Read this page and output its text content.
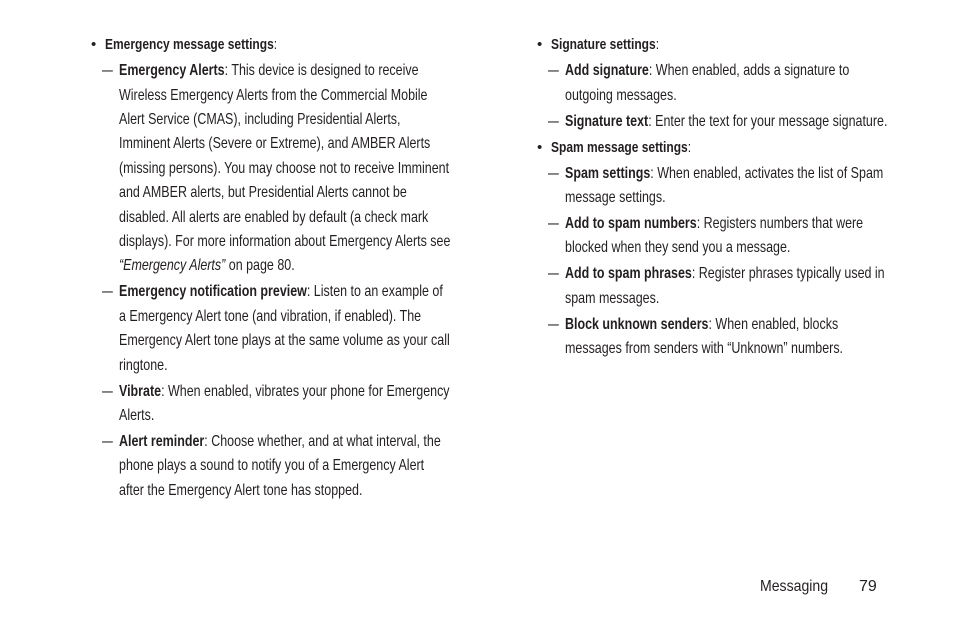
• Emergency message settings:
– Emergency Alerts: This device is designed to receive Wireless Emergency Alerts from the Commercial Mobile Alert Service (CMAS), including Presidential Alerts, Imminent Alerts (Severe or Extreme), and AMBER Alerts (missing persons). You may choose not to receive Imminent and AMBER alerts, but Presidential Alerts cannot be disabled. All alerts are enabled by default (a check mark displays). For more information about Emergency Alerts see “Emergency Alerts” on page 80.
– Emergency notification preview: Listen to an example of a Emergency Alert tone (and vibration, if enabled). The Emergency Alert tone plays at the same volume as your call ringtone.
– Vibrate: When enabled, vibrates your phone for Emergency Alerts.
– Alert reminder: Choose whether, and at what interval, the phone plays a sound to notify you of a Emergency Alert after the Emergency Alert tone has stopped.
• Signature settings:
– Add signature: When enabled, adds a signature to outgoing messages.
– Signature text: Enter the text for your message signature.
• Spam message settings:
– Spam settings: When enabled, activates the list of Spam message settings.
– Add to spam numbers: Registers numbers that were blocked when they send you a message.
– Add to spam phrases: Register phrases typically used in spam messages.
– Block unknown senders: When enabled, blocks messages from senders with “Unknown” numbers.
Messaging 79
